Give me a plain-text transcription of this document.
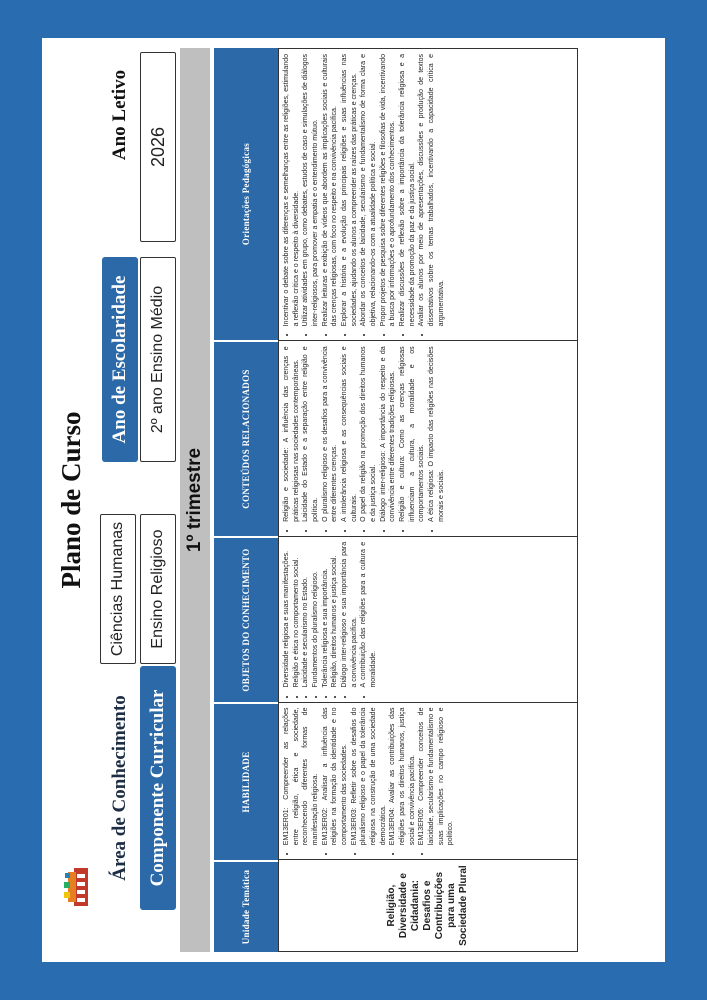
Plano de Curso
Área de Conhecimento
Ciências Humanas
Componente Curricular
Ensino Religioso
Ano de Escolaridade	2º ano Ensino Médio
Ano Letivo 2026
1º trimestre
Unidade Temática
HABILIDADE
OBJETOS DO CONHECIMENTO
CONTEÚDOS RELACIONADOS
Orientações Pedagógicas
Religião, Diversidade e Cidadania: Desafios e Contribuições para uma Sociedade Plural
• EM13ER01: Compreender as relações entre religião, ética e sociedade, reconhecendo diferentes formas de manifestação religiosa. • EM13ER02: Analisar a influência das religiões na formação da identidade e no comportamento das sociedades. • EM13ER03: Refletir sobre os desafios do pluralismo religioso e o papel da tolerância religiosa na construção de uma sociedade democrática. • EM13ER04: Avaliar as contribuições das religiões para os direitos humanos, justiça social e convivência pacífica. • EM13ER05: Compreender conceitos de laicidade, secularismo e fundamentalismo e suas implicações no campo religioso e político.
• Diversidade religiosa e suas manifestações. • Religião e ética no comportamento social. • Laicidade e secularismo no Estado. • Fundamentos do pluralismo religioso. • Tolerância religiosa e sua importância. • Religião, direitos humanos e justiça social. • Diálogo inter-religioso e sua importância para a convivência pacífica. • A contribuição das religiões para a cultura e moralidade.
• Religião e sociedade: A influência das crenças e práticas religiosas nas sociedades contemporâneas. • Laicidade do Estado e a separação entre religião e política. • O pluralismo religioso e os desafios para a convivência entre diferentes crenças. • A intolerância religiosa e as consequências sociais e culturais. • O papel da religião na promoção dos direitos humanos e da justiça social. • Diálogo inter-religioso: A importância do respeito e da convivência entre diferentes tradições religiosas. • Religião e cultura: Como as crenças religiosas influenciam a cultura, a moralidade e os comportamentos sociais. • A ética religiosa: O impacto das religiões nas decisões morais e sociais.
• Incentivar o debate sobre as diferenças e semelhanças entre as religiões, estimulando a reflexão crítica e o respeito à diversidade. • Utilizar atividades em grupo, como debates, estudos de caso e simulações de diálogos inter-religiosos, para promover a empatia e o entendimento mútuo. • Realizar leituras e exibição de vídeos que abordem as implicações sociais e culturais das crenças religiosas, com foco no respeito e na convivência pacífica. • Explorar a história e a evolução das principais religiões e suas influências nas sociedades, ajudando os alunos a compreender as raízes das práticas e crenças. • Abordar os conceitos de laicidade, secularismo e fundamentalismo de forma clara e objetiva, relacionando-os com a atualidade política e social. • Propor projetos de pesquisa sobre diferentes religiões e filosofias de vida, incentivando a busca por informações e o aprofundamento dos conhecimentos. • Realizar discussões de reflexão sobre a importância da tolerância religiosa e a necessidade da promoção da paz e da justiça social. • Avaliar os alunos por meio de apresentações, discussões e produção de textos dissertativos sobre os temas trabalhados, incentivando a capacidade crítica e argumentativa.
